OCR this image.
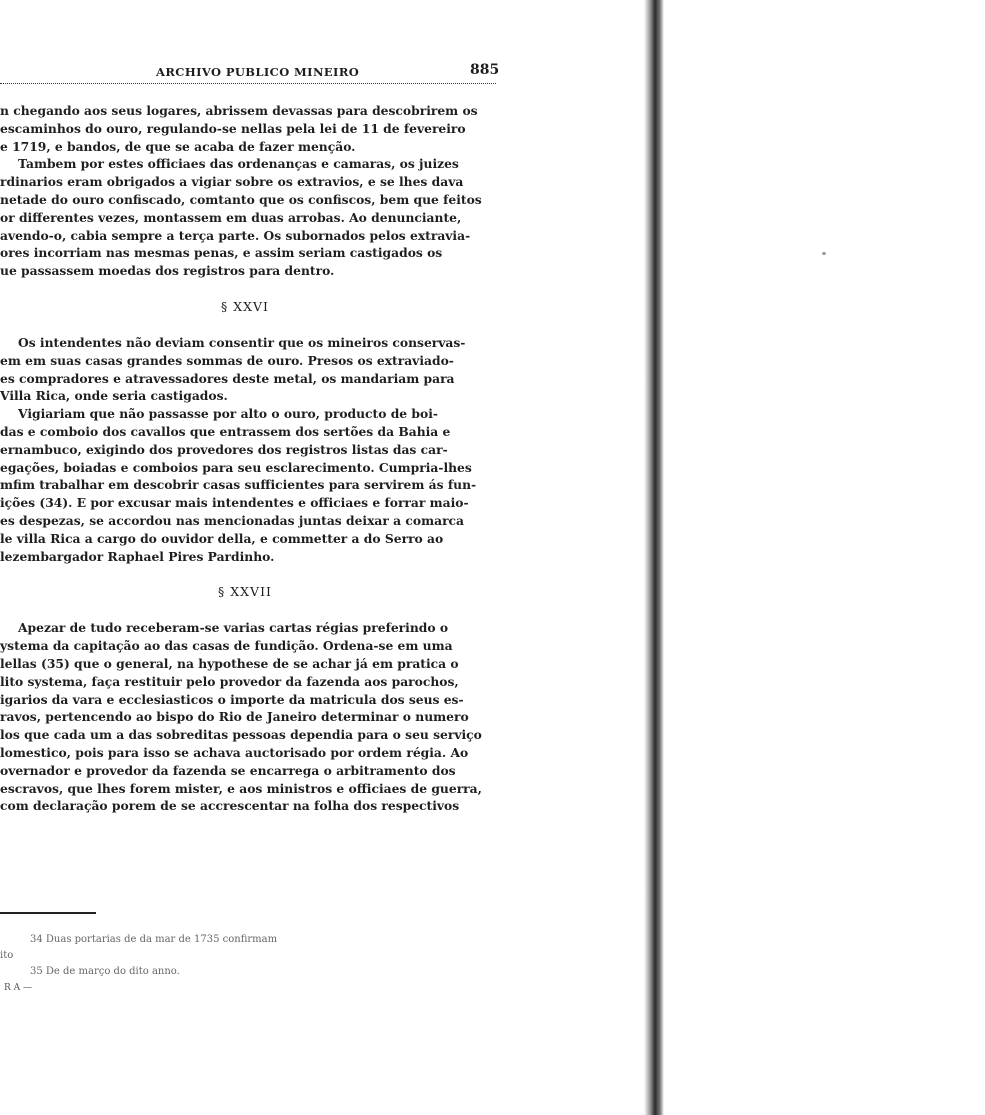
ARCHIVO PUBLICO MINEIRO	885
n chegando aos seus logares, abrissem devassas para descobrirem os
escaminhos do ouro, regulando-se nellas pela lei de 11 de fevereiro
e 1719, e bandos, de que se acaba de fazer menção.
Tambem por estes officiaes das ordenanças e camaras, os juizes
rdinarios eram obrigados a vigiar sobre os extravios, e se lhes dava
netade do ouro confiscado, comtanto que os confiscos, bem que feitos
or differentes vezes, montassem em duas arrobas. Ao denunciante,
avendo-o, cabia sempre a terça parte. Os subornados pelos extravia-
ores incorriam nas mesmas penas, e assim seriam castigados os
ue passassem moedas dos registros para dentro.
§ XXVI
Os intendentes não deviam consentir que os mineiros conservas-
em em suas casas grandes sommas de ouro. Presos os extraviado-
es compradores e atravessadores deste metal, os mandariam para
Villa Rica, onde seria castigados.
Vigiariam que não passasse por alto o ouro, producto de boi-
das e comboio dos cavallos que entrassem dos sertões da Bahia e
ernambuco, exigindo dos provedores dos registros listas das car-
egações, boiadas e comboios para seu esclarecimento. Cumpria-lhes
mfim trabalhar em descobrir casas sufficientes para servirem ás fun-
ições (34). E por excusar mais intendentes e officiaes e forrar maio-
es despezas, se accordou nas mencionadas juntas deixar a comarca
le villa Rica a cargo do ouvidor della, e commetter a do Serro ao
lezembargador Raphael Pires Pardinho.
§ XXVII
Apezar de tudo receberam-se varias cartas régias preferindo o
ystema da capitação ao das casas de fundição. Ordena-se em uma
lellas (35) que o general, na hypothese de se achar já em pratica o
lito systema, faça restituir pelo provedor da fazenda aos parochos,
igarios da vara e ecclesiasticos o importe da matricula dos seus es-
ravos, pertencendo ao bispo do Rio de Janeiro determinar o numero
los que cada um a das sobreditas pessoas dependia para o seu serviço
lomestico, pois para isso se achava auctorisado por ordem régia. Ao
overnador e provedor da fazenda se encarrega o arbitramento dos
escravos, que lhes forem mister, e aos ministros e officiaes de guerra,
com declaração porem de se accrescentar na folha dos respectivos
34 Duas portarias de da mar de 1735 confirmam
ito
35 De de março do dito anno.
R A —
